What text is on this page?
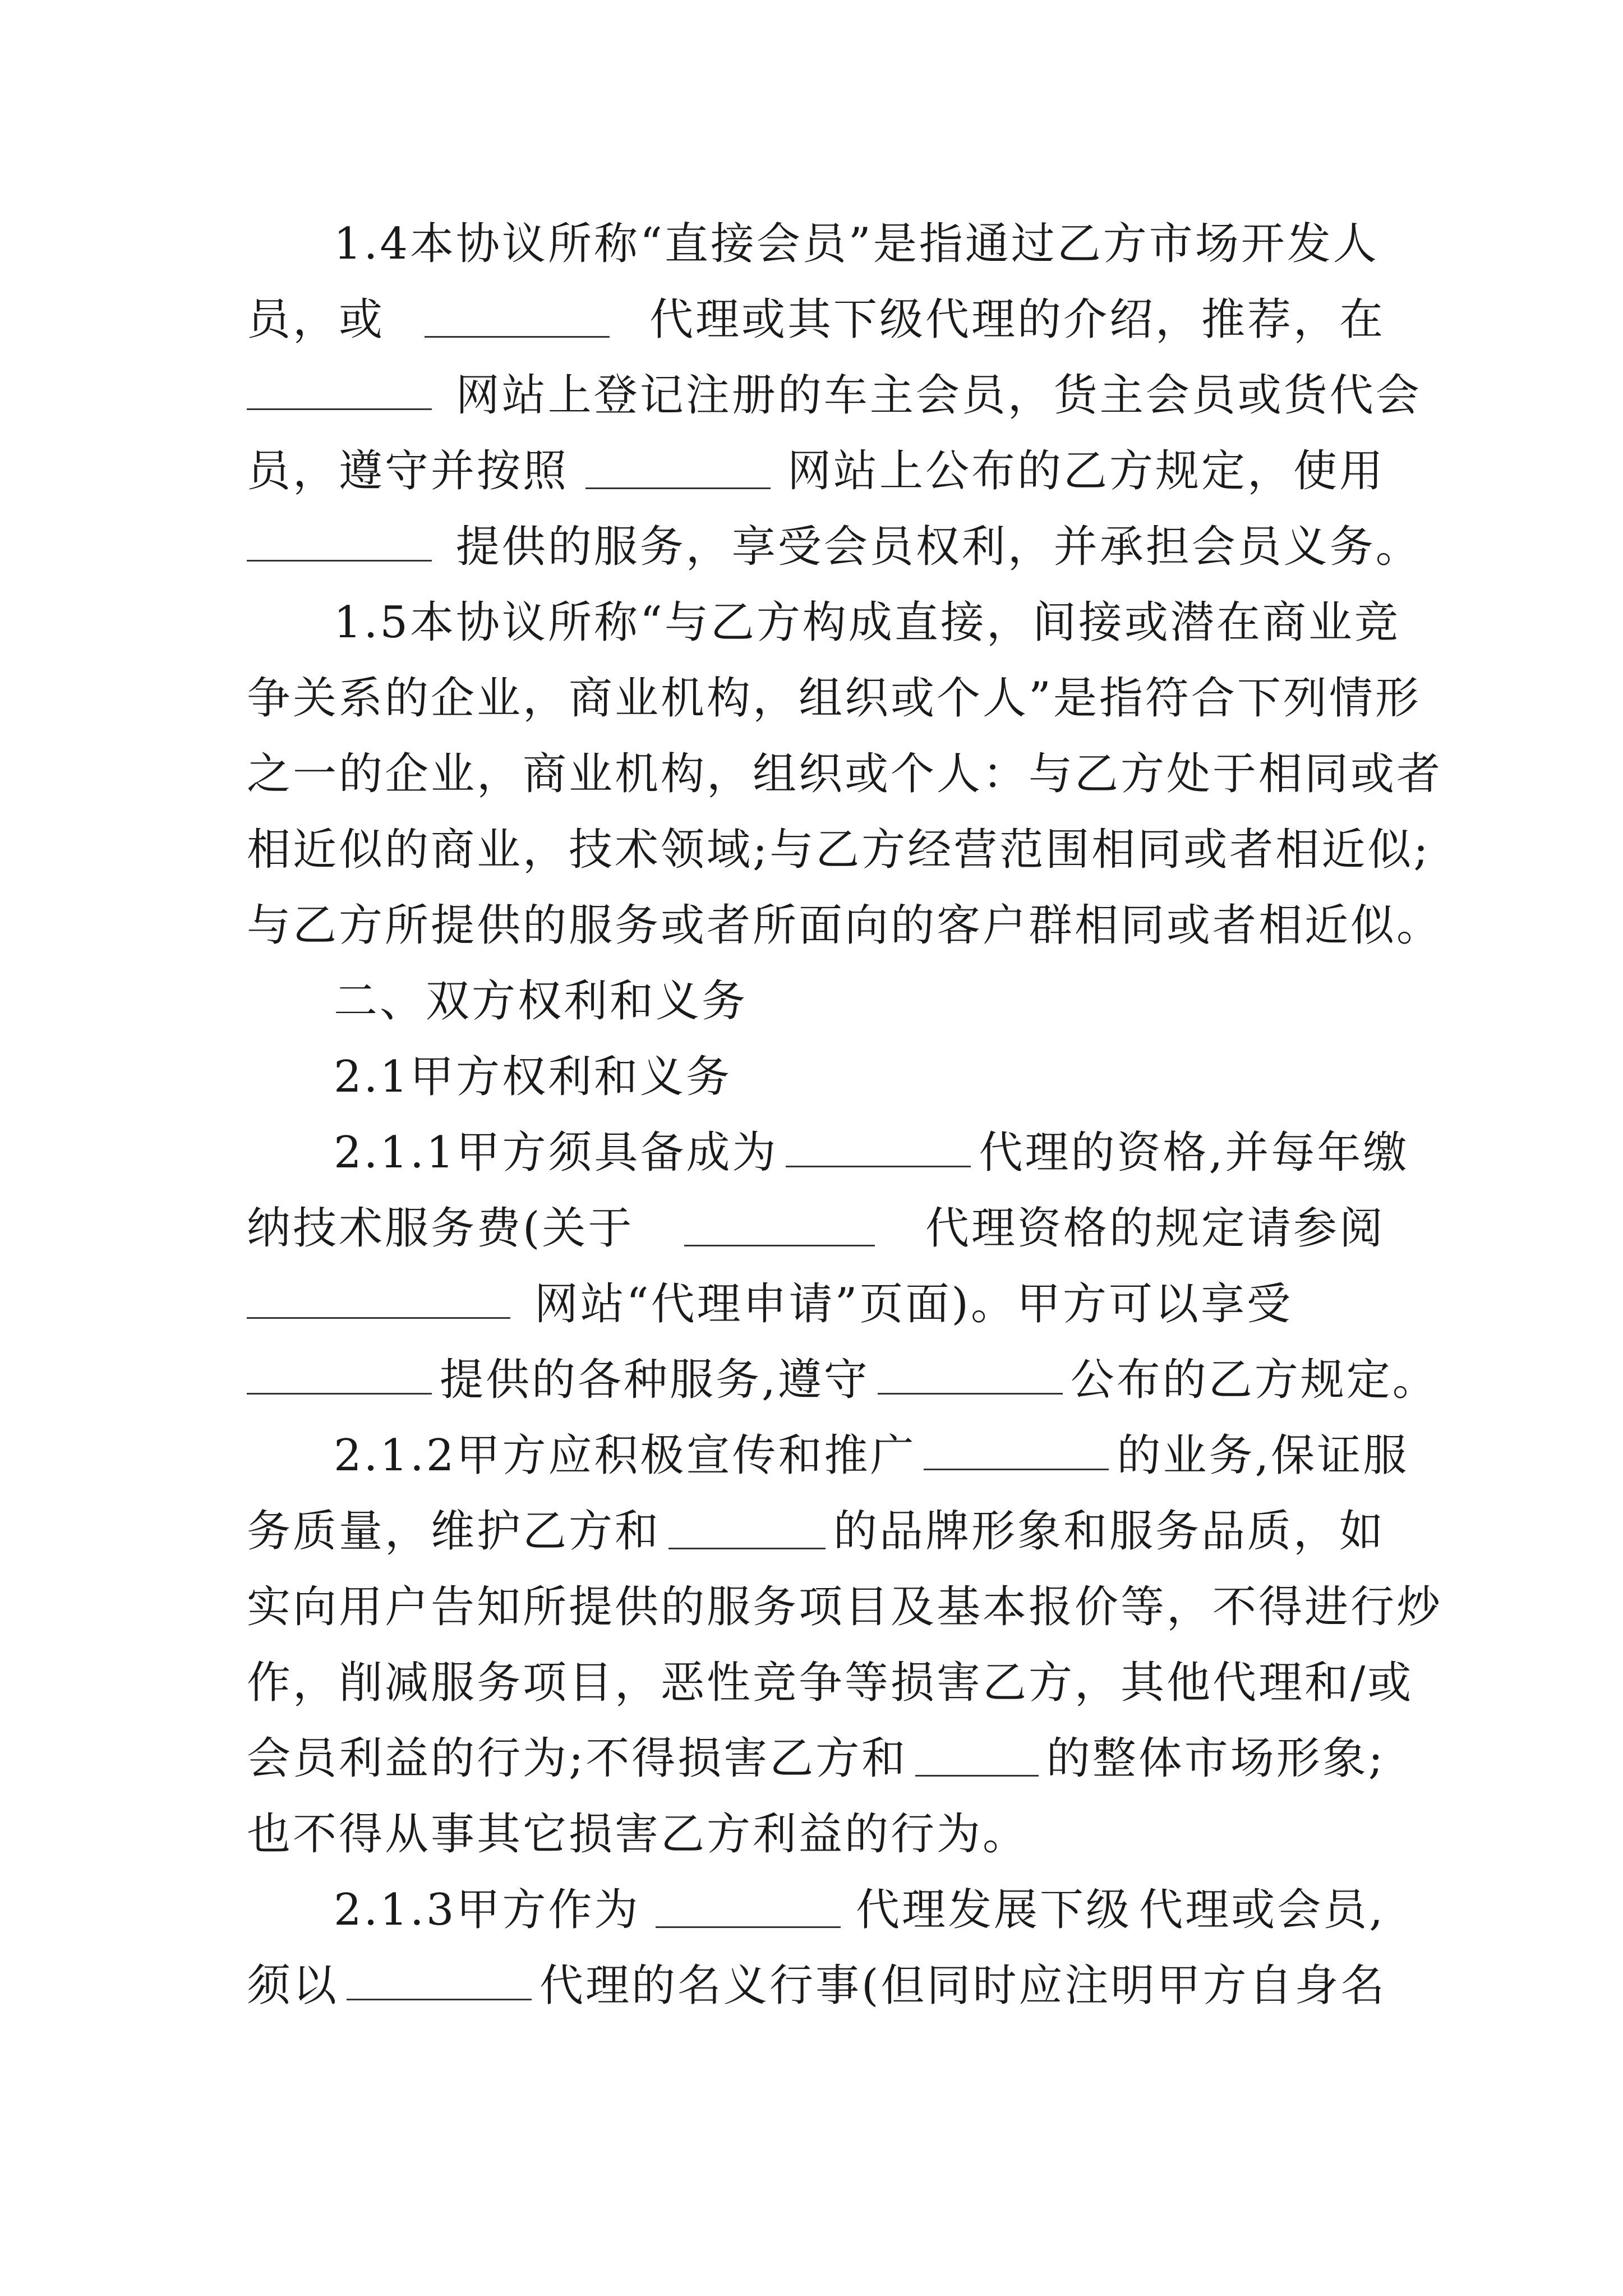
1.4本协议所称“直接会员”是指通过乙方市场开发人
员，或	代理或其下级代理的介绍，推荐，在
网站上登记注册的车主会员，货主会员或货代会
员，遵守并按照	网站上公布的乙方规定，使用
提供的服务，享受会员权利，并承担会员义务。
1.5本协议所称“与乙方构成直接，间接或潜在商业竞
争关系的企业，商业机构，组织或个人”是指符合下列情形
之一的企业，商业机构，组织或个人：与乙方处于相同或者
相近似的商业，技术领域;与乙方经营范围相同或者相近似;
与乙方所提供的服务或者所面向的客户群相同或者相近似。
二、双方权利和义务
2.1甲方权利和义务
2.1.1甲方须具备成为	代理的资格,并每年缴
纳技术服务费(关于	代理资格的规定请参阅
网站“代理申请”页面)。甲方可以享受
提供的各种服务,遵守	公布的乙方规定。
2.1.2甲方应积极宣传和推广	的业务,保证服
务质量，维护乙方和	的品牌形象和服务品质，如
实向用户告知所提供的服务项目及基本报价等，不得进行炒
作，削减服务项目，恶性竞争等损害乙方，其他代理和/或
会员利益的行为;不得损害乙方和	的整体市场形象;
也不得从事其它损害乙方利益的行为。
2.1.3甲方作为	代理发展下级 代理或会员,
须以	代理的名义行事(但同时应注明甲方自身名
